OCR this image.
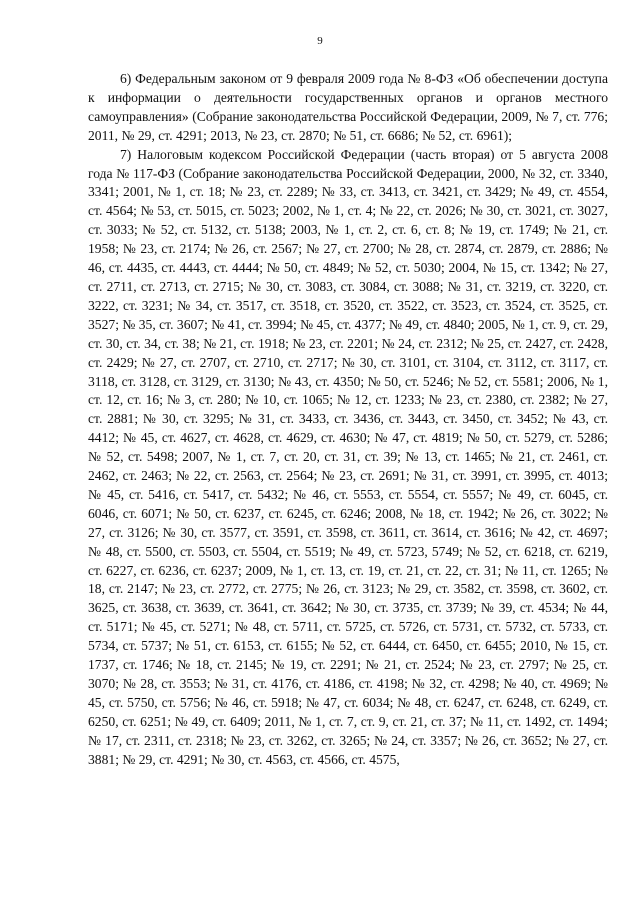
9

6) Федеральным законом от 9 февраля 2009 года № 8-ФЗ «Об обеспечении доступа к информации о деятельности государственных органов и органов местного самоуправления» (Собрание законодательства Российской Федерации, 2009, № 7, ст. 776; 2011, № 29, ст. 4291; 2013, № 23, ст. 2870; № 51, ст. 6686; № 52, ст. 6961);

7) Налоговым кодексом Российской Федерации (часть вторая) от 5 августа 2008 года № 117-ФЗ (Собрание законодательства Российской Федерации, 2000, № 32, ст. 3340, 3341; 2001, № 1, ст. 18; № 23, ст. 2289; № 33, ст. 3413, ст. 3421, ст. 3429; № 49, ст. 4554, ст. 4564; № 53, ст. 5015, ст. 5023; 2002, № 1, ст. 4; № 22, ст. 2026; № 30, ст. 3021, ст. 3027, ст. 3033; № 52, ст. 5132, ст. 5138; 2003, № 1, ст. 2, ст. 6, ст. 8; № 19, ст. 1749; № 21, ст. 1958; № 23, ст. 2174; № 26, ст. 2567; № 27, ст. 2700; № 28, ст. 2874, ст. 2879, ст. 2886; № 46, ст. 4435, ст. 4443, ст. 4444; № 50, ст. 4849; № 52, ст. 5030; 2004, № 15, ст. 1342; № 27, ст. 2711, ст. 2713, ст. 2715; № 30, ст. 3083, ст. 3084, ст. 3088; № 31, ст. 3219, ст. 3220, ст. 3222, ст. 3231; № 34, ст. 3517, ст. 3518, ст. 3520, ст. 3522, ст. 3523, ст. 3524, ст. 3525, ст. 3527; № 35, ст. 3607; № 41, ст. 3994; № 45, ст. 4377; № 49, ст. 4840; 2005, № 1, ст. 9, ст. 29, ст. 30, ст. 34, ст. 38; № 21, ст. 1918; № 23, ст. 2201; № 24, ст. 2312; № 25, ст. 2427, ст. 2428, ст. 2429; № 27, ст. 2707, ст. 2710, ст. 2717; № 30, ст. 3101, ст. 3104, ст. 3112, ст. 3117, ст. 3118, ст. 3128, ст. 3129, ст. 3130; № 43, ст. 4350; № 50, ст. 5246; № 52, ст. 5581; 2006, № 1, ст. 12, ст. 16; № 3, ст. 280; № 10, ст. 1065; № 12, ст. 1233; № 23, ст. 2380, ст. 2382; № 27, ст. 2881; № 30, ст. 3295; № 31, ст. 3433, ст. 3436, ст. 3443, ст. 3450, ст. 3452; № 43, ст. 4412; № 45, ст. 4627, ст. 4628, ст. 4629, ст. 4630; № 47, ст. 4819; № 50, ст. 5279, ст. 5286; № 52, ст. 5498; 2007, № 1, ст. 7, ст. 20, ст. 31, ст. 39; № 13, ст. 1465; № 21, ст. 2461, ст. 2462, ст. 2463; № 22, ст. 2563, ст. 2564; № 23, ст. 2691; № 31, ст. 3991, ст. 3995, ст. 4013; № 45, ст. 5416, ст. 5417, ст. 5432; № 46, ст. 5553, ст. 5554, ст. 5557; № 49, ст. 6045, ст. 6046, ст. 6071; № 50, ст. 6237, ст. 6245, ст. 6246; 2008, № 18, ст. 1942; № 26, ст. 3022; № 27, ст. 3126; № 30, ст. 3577, ст. 3591, ст. 3598, ст. 3611, ст. 3614, ст. 3616; № 42, ст. 4697; № 48, ст. 5500, ст. 5503, ст. 5504, ст. 5519; № 49, ст. 5723, 5749; № 52, ст. 6218, ст. 6219, ст. 6227, ст. 6236, ст. 6237; 2009, № 1, ст. 13, ст. 19, ст. 21, ст. 22, ст. 31; № 11, ст. 1265; № 18, ст. 2147; № 23, ст. 2772, ст. 2775; № 26, ст. 3123; № 29, ст. 3582, ст. 3598, ст. 3602, ст. 3625, ст. 3638, ст. 3639, ст. 3641, ст. 3642; № 30, ст. 3735, ст. 3739; № 39, ст. 4534; № 44, ст. 5171; № 45, ст. 5271; № 48, ст. 5711, ст. 5725, ст. 5726, ст. 5731, ст. 5732, ст. 5733, ст. 5734, ст. 5737; № 51, ст. 6153, ст. 6155; № 52, ст. 6444, ст. 6450, ст. 6455; 2010, № 15, ст. 1737, ст. 1746; № 18, ст. 2145; № 19, ст. 2291; № 21, ст. 2524; № 23, ст. 2797; № 25, ст. 3070; № 28, ст. 3553; № 31, ст. 4176, ст. 4186, ст. 4198; № 32, ст. 4298; № 40, ст. 4969; № 45, ст. 5750, ст. 5756; № 46, ст. 5918; № 47, ст. 6034; № 48, ст. 6247, ст. 6248, ст. 6249, ст. 6250, ст. 6251; № 49, ст. 6409; 2011, № 1, ст. 7, ст. 9, ст. 21, ст. 37; № 11, ст. 1492, ст. 1494; № 17, ст. 2311, ст. 2318; № 23, ст. 3262, ст. 3265; № 24, ст. 3357; № 26, ст. 3652; № 27, ст. 3881; № 29, ст. 4291; № 30, ст. 4563, ст. 4566, ст. 4575,
